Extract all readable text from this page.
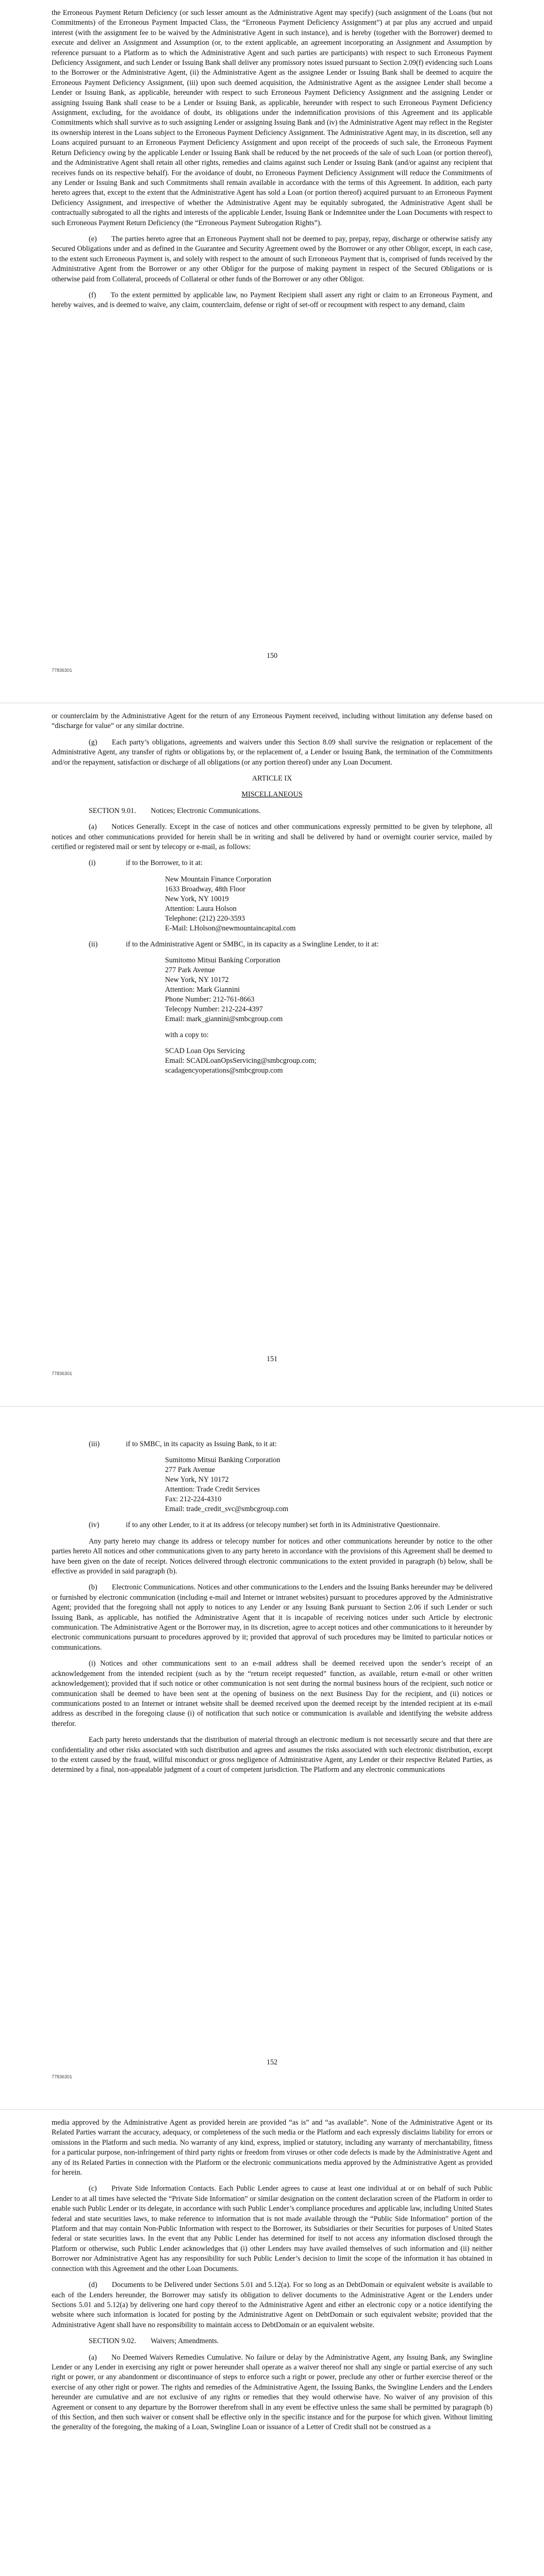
the Erroneous Payment Return Deficiency (or such lesser amount as the Administrative Agent may specify) (such assignment of the Loans (but not Commitments) of the Erroneous Payment Impacted Class, the “Erroneous Payment Deficiency Assignment”) at par plus any accrued and unpaid interest (with the assignment fee to be waived by the Administrative Agent in such instance), and is hereby (together with the Borrower) deemed to execute and deliver an Assignment and Assumption (or, to the extent applicable, an agreement incorporating an Assignment and Assumption by reference pursuant to a Platform as to which the Administrative Agent and such parties are participants) with respect to such Erroneous Payment Deficiency Assignment, and such Lender or Issuing Bank shall deliver any promissory notes issued pursuant to Section 2.09(f) evidencing such Loans to the Borrower or the Administrative Agent, (ii) the Administrative Agent as the assignee Lender or Issuing Bank shall be deemed to acquire the Erroneous Payment Deficiency Assignment, (iii) upon such deemed acquisition, the Administrative Agent as the assignee Lender shall become a Lender or Issuing Bank, as applicable, hereunder with respect to such Erroneous Payment Deficiency Assignment and the assigning Lender or assigning Issuing Bank shall cease to be a Lender or Issuing Bank, as applicable, hereunder with respect to such Erroneous Payment Deficiency Assignment, excluding, for the avoidance of doubt, its obligations under the indemnification provisions of this Agreement and its applicable Commitments which shall survive as to such assigning Lender or assigning Issuing Bank and (iv) the Administrative Agent may reflect in the Register its ownership interest in the Loans subject to the Erroneous Payment Deficiency Assignment. The Administrative Agent may, in its discretion, sell any Loans acquired pursuant to an Erroneous Payment Deficiency Assignment and upon receipt of the proceeds of such sale, the Erroneous Payment Return Deficiency owing by the applicable Lender or Issuing Bank shall be reduced by the net proceeds of the sale of such Loan (or portion thereof), and the Administrative Agent shall retain all other rights, remedies and claims against such Lender or Issuing Bank (and/or against any recipient that receives funds on its respective behalf). For the avoidance of doubt, no Erroneous Payment Deficiency Assignment will reduce the Commitments of any Lender or Issuing Bank and such Commitments shall remain available in accordance with the terms of this Agreement. In addition, each party hereto agrees that, except to the extent that the Administrative Agent has sold a Loan (or portion thereof) acquired pursuant to an Erroneous Payment Deficiency Assignment, and irrespective of whether the Administrative Agent may be equitably subrogated, the Administrative Agent shall be contractually subrogated to all the rights and interests of the applicable Lender, Issuing Bank or Indemnitee under the Loan Documents with respect to such Erroneous Payment Return Deficiency (the “Erroneous Payment Subrogation Rights”).

(e)  The parties hereto agree that an Erroneous Payment shall not be deemed to pay, prepay, repay, discharge or otherwise satisfy any Secured Obligations under and as defined in the Guarantee and Security Agreement owed by the Borrower or any other Obligor, except, in each case, to the extent such Erroneous Payment is, and solely with respect to the amount of such Erroneous Payment that is, comprised of funds received by the Administrative Agent from the Borrower or any other Obligor for the purpose of making payment in respect of the Secured Obligations or is otherwise paid from Collateral, proceeds of Collateral or other funds of the Borrower or any other Obligor.

(f)  To the extent permitted by applicable law, no Payment Recipient shall assert any right or claim to an Erroneous Payment, and hereby waives, and is deemed to waive, any claim, counterclaim, defense or right of set-off or recoupment with respect to any demand, claim

150
77836301

or counterclaim by the Administrative Agent for the return of any Erroneous Payment received, including without limitation any defense based on “discharge for value” or any similar doctrine.

(g)  Each party’s obligations, agreements and waivers under this Section 8.09 shall survive the resignation or replacement of the Administrative Agent, any transfer of rights or obligations by, or the replacement of, a Lender or Issuing Bank, the termination of the Commitments and/or the repayment, satisfaction or discharge of all obligations (or any portion thereof) under any Loan Document.

ARTICLE IX
MISCELLANEOUS
SECTION 9.01.  Notices; Electronic Communications.

(a)  Notices Generally. Except in the case of notices and other communications expressly permitted to be given by telephone, all notices and other communications provided for herein shall be in writing and shall be delivered by hand or overnight courier service, mailed by certified or registered mail or sent by telecopy or e-mail, as follows:

(i)	if to the Borrower, to it at:
New Mountain Finance Corporation
1633 Broadway, 48th Floor
New York, NY 10019
Attention: Laura Holson
Telephone: (212) 220-3593
E-Mail: LHolson@newmountaincapital.com
(ii)	if to the Administrative Agent or SMBC, in its capacity as a Swingline Lender, to it at:
Sumitomo Mitsui Banking Corporation
277 Park Avenue
New York, NY 10172
Attention: Mark Giannini
Phone Number: 212-761-8663
Telecopy Number: 212-224-4397
Email: mark_giannini@smbcgroup.com
with a copy to:
SCAD Loan Ops Servicing
Email: SCADLoanOpsServicing@smbcgroup.com;
scadagencyoperations@smbcgroup.com
151
77836301
(iii)	if to SMBC, in its capacity as Issuing Bank, to it at:
Sumitomo Mitsui Banking Corporation
277 Park Avenue
New York, NY 10172
Attention: Trade Credit Services
Fax: 212-224-4310
Email: trade_credit_svc@smbcgroup.com
(iv)	if to any other Lender, to it at its address (or telecopy number) set forth in its Administrative Questionnaire.

Any party hereto may change its address or telecopy number for notices and other communications hereunder by notice to the other parties hereto All notices and other communications given to any party hereto in accordance with the provisions of this Agreement shall be deemed to have been given on the date of receipt. Notices delivered through electronic communications to the extent provided in paragraph (b) below, shall be effective as provided in said paragraph (b).

(b)  Electronic Communications. Notices and other communications to the Lenders and the Issuing Banks hereunder may be delivered or furnished by electronic communication (including e-mail and Internet or intranet websites) pursuant to procedures approved by the Administrative Agent; provided that the foregoing shall not apply to notices to any Lender or any Issuing Bank pursuant to Section 2.06 if such Lender or such Issuing Bank, as applicable, has notified the Administrative Agent that it is incapable of receiving notices under such Article by electronic communication. The Administrative Agent or the Borrower may, in its discretion, agree to accept notices and other communications to it hereunder by electronic communications pursuant to procedures approved by it; provided that approval of such procedures may be limited to particular notices or communications.

(i) Notices and other communications sent to an e-mail address shall be deemed received upon the sender’s receipt of an acknowledgement from the intended recipient (such as by the “return receipt requested” function, as available, return e-mail or other written acknowledgement); provided that if such notice or other communication is not sent during the normal business hours of the recipient, such notice or communication shall be deemed to have been sent at the opening of business on the next Business Day for the recipient, and (ii) notices or communications posted to an Internet or intranet website shall be deemed received upon the deemed receipt by the intended recipient at its e-mail address as described in the foregoing clause (i) of notification that such notice or communication is available and identifying the website address therefor.

Each party hereto understands that the distribution of material through an electronic medium is not necessarily secure and that there are confidentiality and other risks associated with such distribution and agrees and assumes the risks associated with such electronic distribution, except to the extent caused by the fraud, willful misconduct or gross negligence of Administrative Agent, any Lender or their respective Related Parties, as determined by a final, non-appealable judgment of a court of competent jurisdiction. The Platform and any electronic communications

152
77836301

media approved by the Administrative Agent as provided herein are provided “as is” and “as available”. None of the Administrative Agent or its Related Parties warrant the accuracy, adequacy, or completeness of the such media or the Platform and each expressly disclaims liability for errors or omissions in the Platform and such media. No warranty of any kind, express, implied or statutory, including any warranty of merchantability, fitness for a particular purpose, non-infringement of third party rights or freedom from viruses or other code defects is made by the Administrative Agent and any of its Related Parties in connection with the Platform or the electronic communications media approved by the Administrative Agent as provided for herein.

(c)  Private Side Information Contacts. Each Public Lender agrees to cause at least one individual at or on behalf of such Public Lender to at all times have selected the “Private Side Information” or similar designation on the content declaration screen of the Platform in order to enable such Public Lender or its delegate, in accordance with such Public Lender’s compliance procedures and applicable law, including United States federal and state securities laws, to make reference to information that is not made available through the “Public Side Information” portion of the Platform and that may contain Non-Public Information with respect to the Borrower, its Subsidiaries or their Securities for purposes of United States federal or state securities laws. In the event that any Public Lender has determined for itself to not access any information disclosed through the Platform or otherwise, such Public Lender acknowledges that (i) other Lenders may have availed themselves of such information and (ii) neither Borrower nor Administrative Agent has any responsibility for such Public Lender’s decision to limit the scope of the information it has obtained in connection with this Agreement and the other Loan Documents.

(d)  Documents to be Delivered under Sections 5.01 and 5.12(a). For so long as an DebtDomain or equivalent website is available to each of the Lenders hereunder, the Borrower may satisfy its obligation to deliver documents to the Administrative Agent or the Lenders under Sections 5.01 and 5.12(a) by delivering one hard copy thereof to the Administrative Agent and either an electronic copy or a notice identifying the website where such information is located for posting by the Administrative Agent on DebtDomain or such equivalent website; provided that the Administrative Agent shall have no responsibility to maintain access to DebtDomain or an equivalent website.

SECTION 9.02.  Waivers; Amendments.

(a)  No Deemed Waivers Remedies Cumulative. No failure or delay by the Administrative Agent, any Issuing Bank, any Swingline Lender or any Lender in exercising any right or power hereunder shall operate as a waiver thereof nor shall any single or partial exercise of any such right or power, or any abandonment or discontinuance of steps to enforce such a right or power, preclude any other or further exercise thereof or the exercise of any other right or power. The rights and remedies of the Administrative Agent, the Issuing Banks, the Swingline Lenders and the Lenders hereunder are cumulative and are not exclusive of any rights or remedies that they would otherwise have. No waiver of any provision of this Agreement or consent to any departure by the Borrower therefrom shall in any event be effective unless the same shall be permitted by paragraph (b) of this Section, and then such waiver or consent shall be effective only in the specific instance and for the purpose for which given. Without limiting the generality of the foregoing, the making of a Loan, Swingline Loan or issuance of a Letter of Credit shall not be construed as a
